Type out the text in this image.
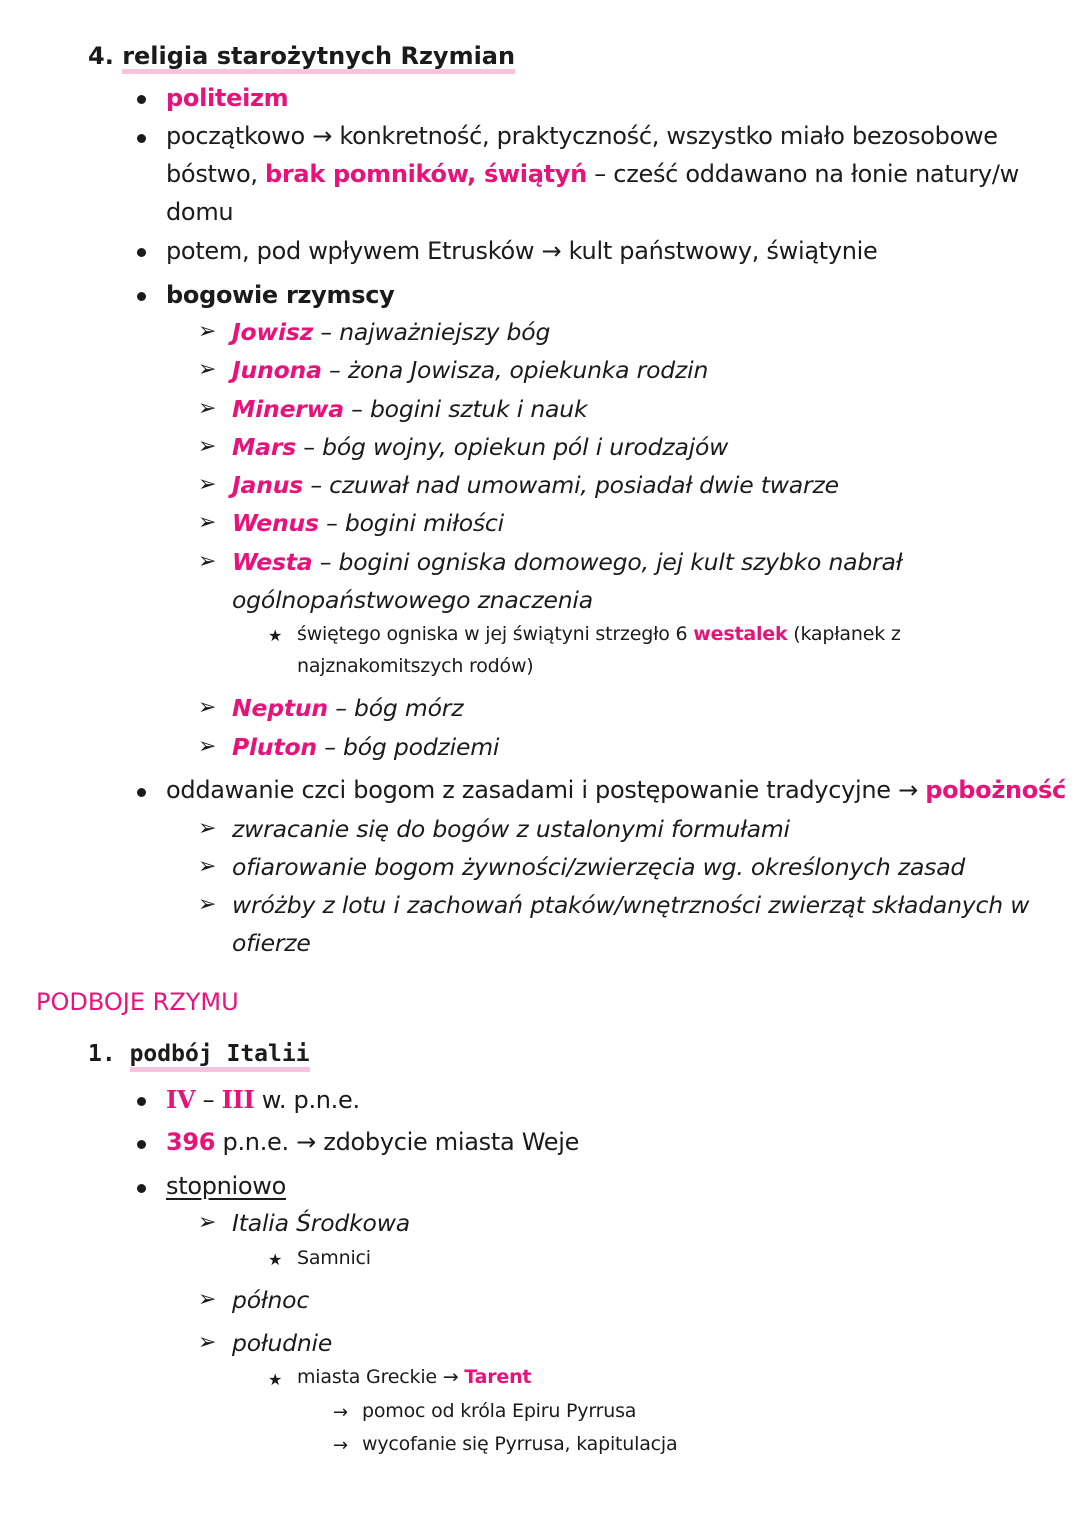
4. religia starożytnych Rzymian
politeizm
początkowo → konkretność, praktyczność, wszystko miało bezosobowe
bóstwo, brak pomników, świątyń – cześć oddawano na łonie natury/w
domu
potem, pod wpływem Etrusków → kult państwowy, świątynie
bogowie rzymscy
➢ Jowisz – najważniejszy bóg
➢ Junona – żona Jowisza, opiekunka rodzin
➢ Minerwa – bogini sztuk i nauk
➢ Mars – bóg wojny, opiekun pól i urodzajów
➢ Janus – czuwał nad umowami, posiadał dwie twarze
➢ Wenus – bogini miłości
➢ Westa – bogini ogniska domowego, jej kult szybko nabrał
ogólnopaństwowego znaczenia
★ świętego ogniska w jej świątyni strzegło 6 westalek (kapłanek z
najznakomitszych rodów)
➢ Neptun – bóg mórz
➢ Pluton – bóg podziemi
oddawanie czci bogom z zasadami i postępowanie tradycyjne → pobożność
➢ zwracanie się do bogów z ustalonymi formułami
➢ ofiarowanie bogom żywności/zwierzęcia wg. określonych zasad
➢ wróżby z lotu i zachowań ptaków/wnętrzności zwierząt składanych w
ofierze
PODBOJE RZYMU
1. podbój Italii
IV – III w. p.n.e.
396 p.n.e. → zdobycie miasta Weje
stopniowo
➢ Italia Środkowa
★ Samnici
➢ północ
➢ południe
★ miasta Greckie → Tarent
→ pomoc od króla Epiru Pyrrusa
→ wycofanie się Pyrrusa, kapitulacja
